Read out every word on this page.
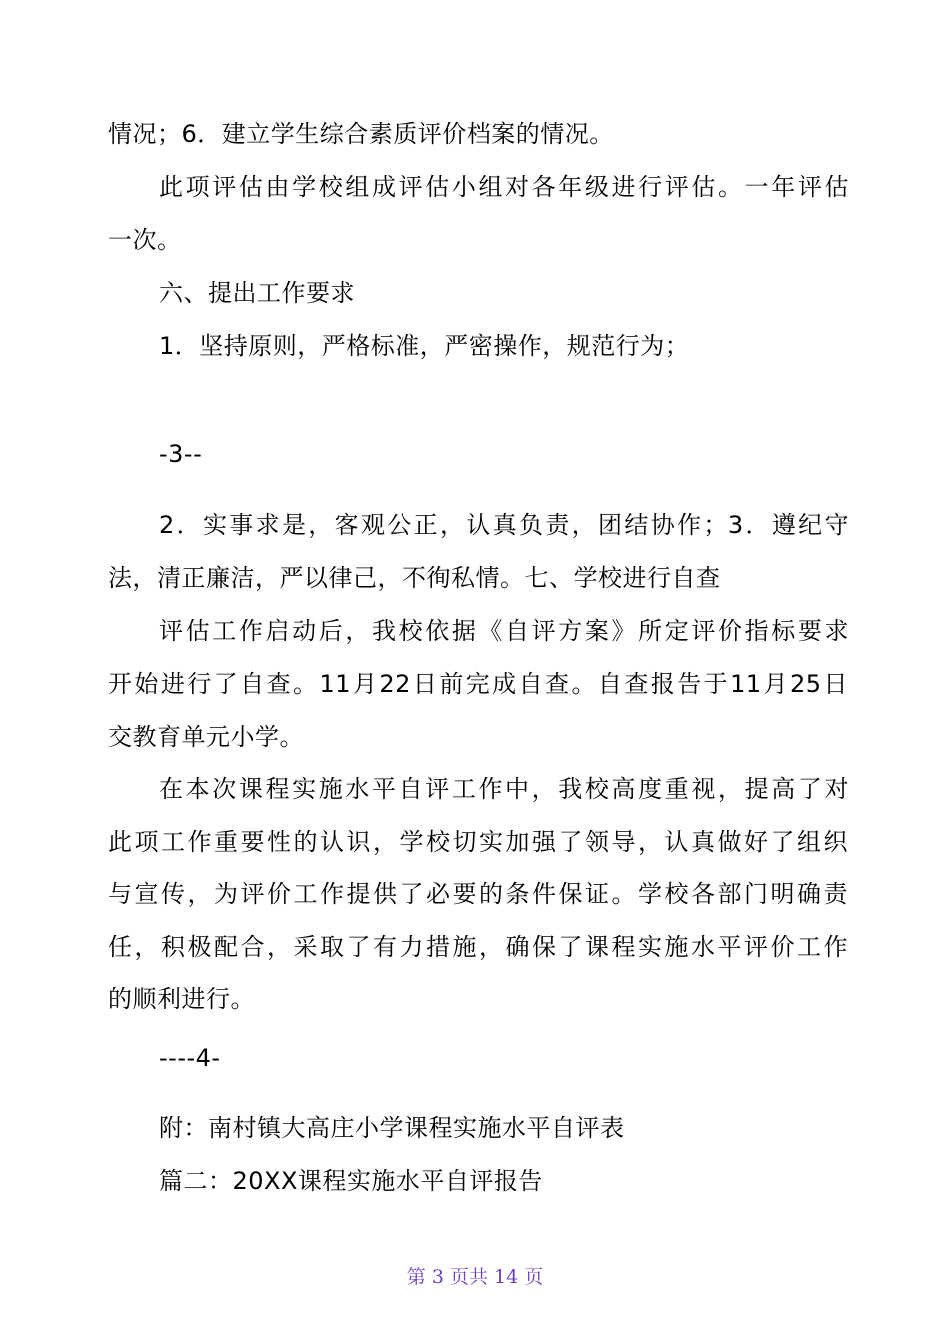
情况；6．建立学生综合素质评价档案的情况。
此项评估由学校组成评估小组对各年级进行评估。一年评估
一次。
六、提出工作要求
1．坚持原则，严格标准，严密操作，规范行为；
-3--
2．实事求是，客观公正，认真负责，团结协作；3．遵纪守
法，清正廉洁，严以律己，不徇私情。七、学校进行自查
评估工作启动后，我校依据《自评方案》所定评价指标要求
开始进行了自查。11月22日前完成自查。自查报告于11月25日
交教育单元小学。
在本次课程实施水平自评工作中，我校高度重视，提高了对
此项工作重要性的认识，学校切实加强了领导，认真做好了组织
与宣传，为评价工作提供了必要的条件保证。学校各部门明确责
任，积极配合，采取了有力措施，确保了课程实施水平评价工作
的顺利进行。
----4-
附：南村镇大高庄小学课程实施水平自评表
篇二：20XX课程实施水平自评报告
第 3 页共 14 页
